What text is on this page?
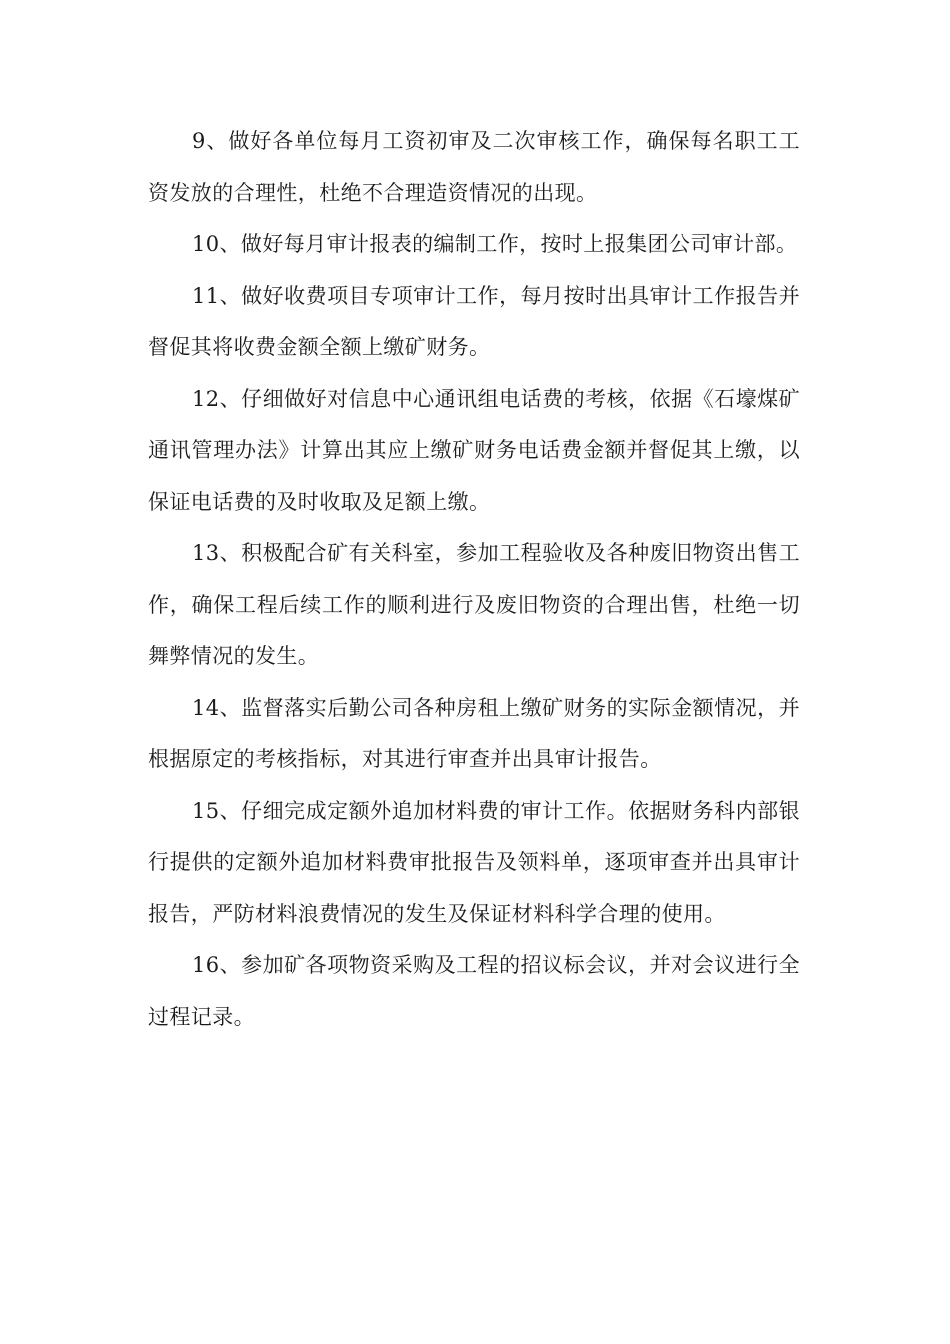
9、做好各单位每月工资初审及二次审核工作，确保每名职工工资发放的合理性，杜绝不合理造资情况的出现。

10、做好每月审计报表的编制工作，按时上报集团公司审计部。

11、做好收费项目专项审计工作，每月按时出具审计工作报告并督促其将收费金额全额上缴矿财务。

12、仔细做好对信息中心通讯组电话费的考核，依据《石壕煤矿通讯管理办法》计算出其应上缴矿财务电话费金额并督促其上缴，以保证电话费的及时收取及足额上缴。

13、积极配合矿有关科室，参加工程验收及各种废旧物资出售工作，确保工程后续工作的顺利进行及废旧物资的合理出售，杜绝一切舞弊情况的发生。

14、监督落实后勤公司各种房租上缴矿财务的实际金额情况，并根据原定的考核指标，对其进行审查并出具审计报告。

15、仔细完成定额外追加材料费的审计工作。依据财务科内部银行提供的定额外追加材料费审批报告及领料单，逐项审查并出具审计报告，严防材料浪费情况的发生及保证材料科学合理的使用。

16、参加矿各项物资采购及工程的招议标会议，并对会议进行全过程记录。
